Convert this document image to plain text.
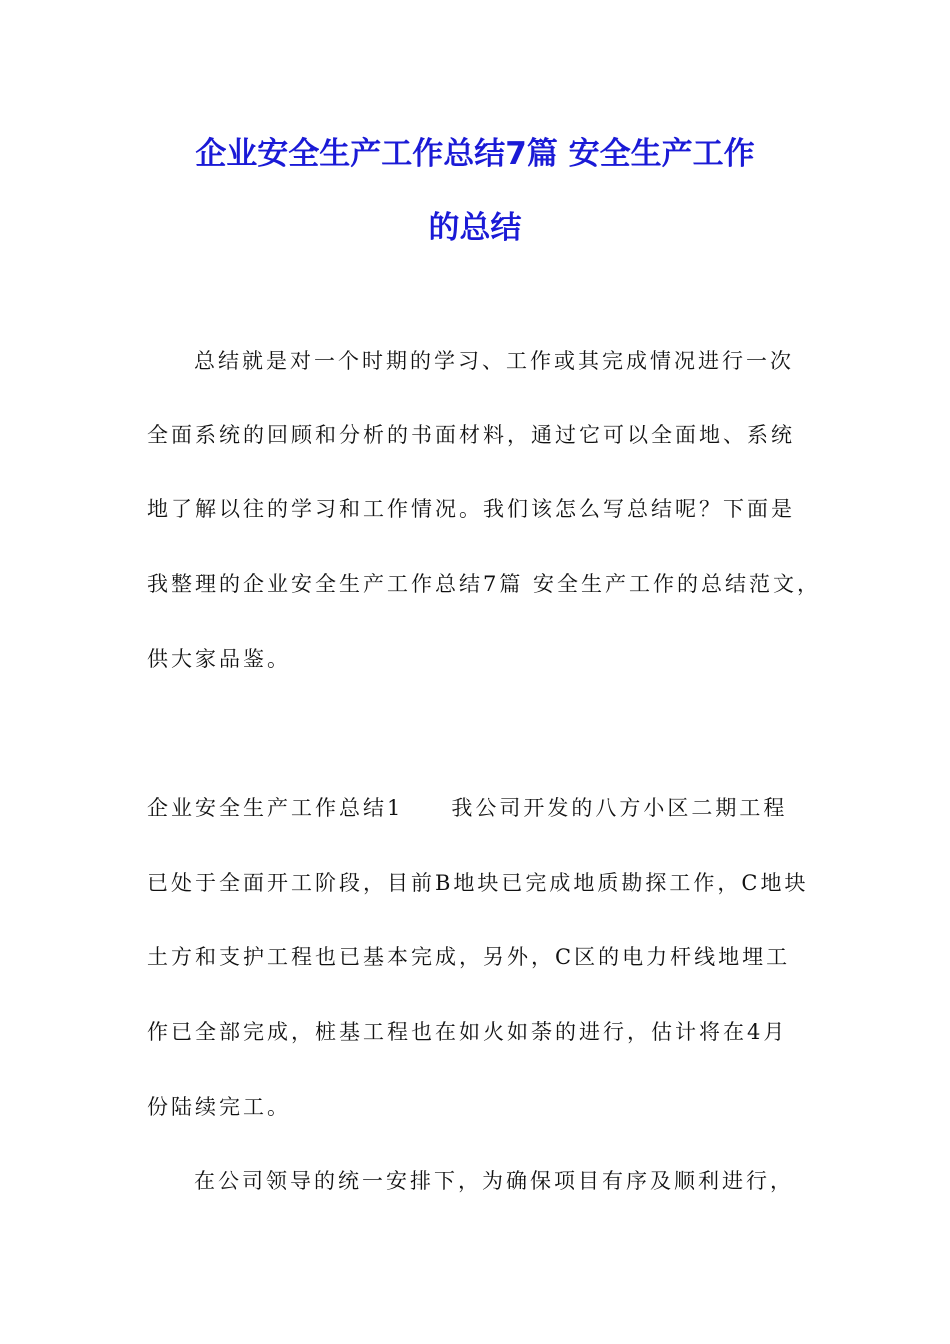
企业安全生产工作总结7篇 安全生产工作
的总结
总结就是对一个时期的学习、工作或其完成情况进行一次
全面系统的回顾和分析的书面材料，通过它可以全面地、系统
地了解以往的学习和工作情况。我们该怎么写总结呢？下面是
我整理的企业安全生产工作总结7篇 安全生产工作的总结范文，
供大家品鉴。
企业安全生产工作总结1　　我公司开发的八方小区二期工程
已处于全面开工阶段，目前B地块已完成地质勘探工作，C地块
土方和支护工程也已基本完成，另外，C区的电力杆线地埋工
作已全部完成，桩基工程也在如火如荼的进行，估计将在4月
份陆续完工。
在公司领导的统一安排下，为确保项目有序及顺利进行，
